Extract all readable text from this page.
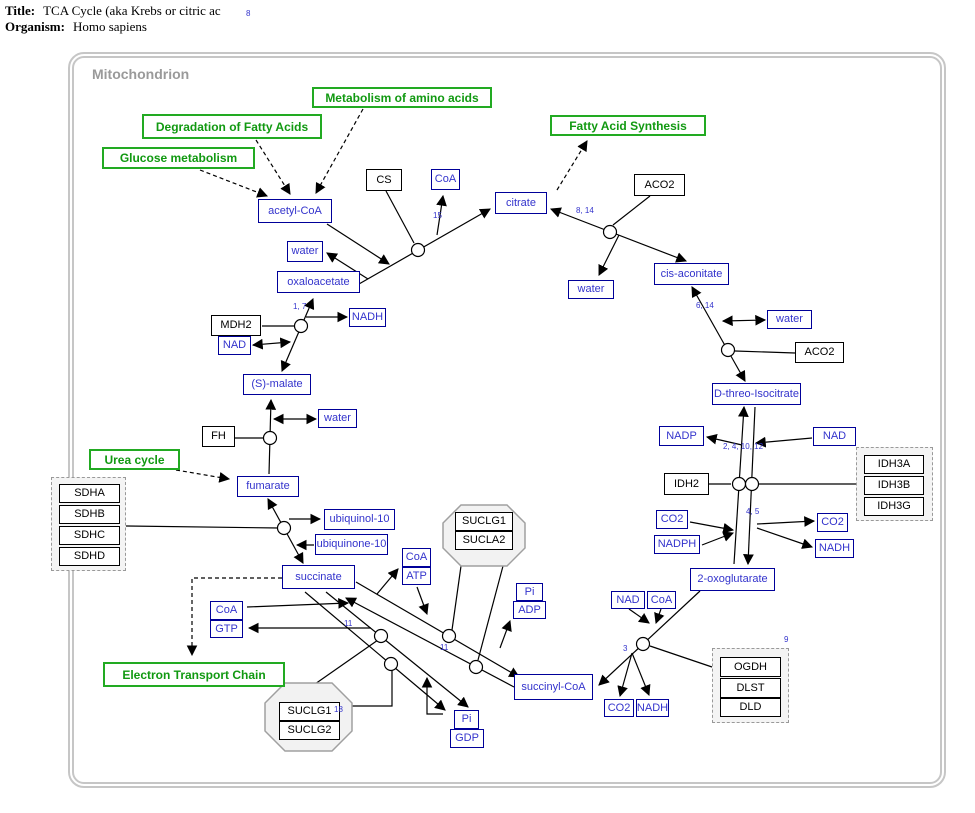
Title: TCA Cycle (aka Krebs or citric ac
Organism: Homo sapiens
8
Mitochondrion
Metabolism of amino acids
Degradation of Fatty Acids
Glucose metabolism
Fatty Acid Synthesis
Urea cycle
Electron Transport Chain
acetyl-CoA
CS	CoA
citrate
water
oxaloacetate
NADH
NAD
MDH2
(S)-malate
water
FH
fumarate
ubiquinol-10
ubiquinone-10
succinate
CoA
ATP
Pi
ADP
CoA
GTP
Pi
GDP
succinyl-CoA
CO2 NADH
NAD	CoA
2-oxoglutarate
CO2
NADPH
NADP	NAD
IDH2
CO2
NADH
D-threo-Isocitrate
water
ACO2
cis-aconitate
water
ACO2
SDHA
SDHB
SDHC
SDHD
IDH3A
IDH3B
IDH3G
OGDH
DLST
DLD
SUCLG1
SUCLA2
SUCLG1
SUCLG2
15
8, 14
6, 14
2, 4, 10, 12
4, 5
3
9
11
11
18
1, 7
